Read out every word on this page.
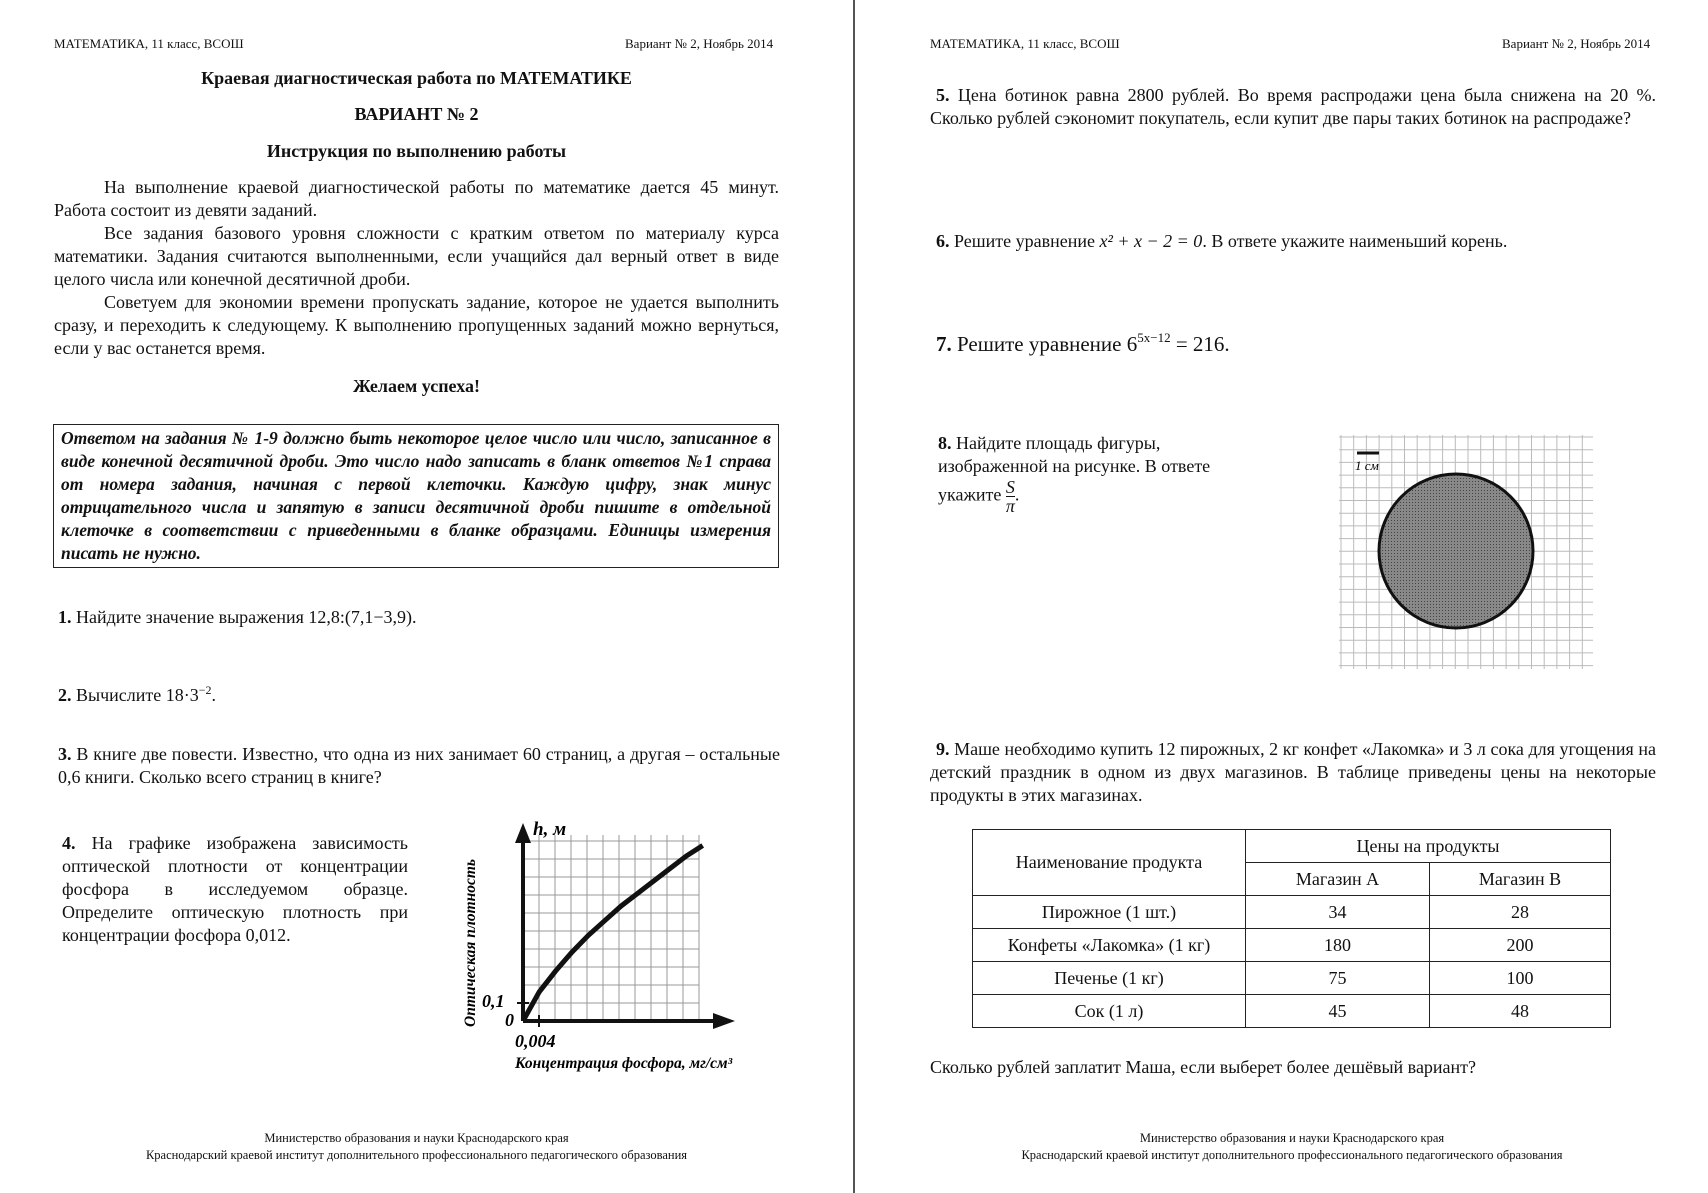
МАТЕМАТИКА, 11 класс, ВСОШ	Вариант № 2, Ноябрь 2014
Краевая диагностическая работа по МАТЕМАТИКЕ
ВАРИАНТ № 2
Инструкция по выполнению работы

На выполнение краевой диагностической работы по математике дается 45 минут. Работа состоит из девяти заданий.

Все задания базового уровня сложности с кратким ответом по материалу курса математики. Задания считаются выполненными, если учащийся дал верный ответ в виде целого числа или конечной десятичной дроби.

Советуем для экономии времени пропускать задание, которое не удается выполнить сразу, и переходить к следующему. К выполнению пропущенных заданий можно вернуться, если у вас останется время.

Желаем успеха!
Ответом на задания № 1-9 должно быть некоторое целое число или число, записанное в виде конечной десятичной дроби. Это число надо записать в бланк ответов №1 справа от номера задания, начиная с первой клеточки. Каждую цифру, знак минус отрицательного числа и запятую в записи десятичной дроби пишите в отдельной клеточке в соответствии с приведенными в бланке образцами. Единицы измерения писать не нужно.
1. Найдите значение выражения 12,8:(7,1−3,9).
2. Вычислите $18\cdot 3^{-2}$.
3. В книге две повести. Известно, что одна из них занимает 60 страниц, а другая – остальные 0,6 книги. Сколько всего страниц в книге?
4. На графике изображена зависимость оптической плотности от концентрации фосфора в исследуемом образце. Определите оптическую плотность при концентрации фосфора 0,012.
h, м
0,1
0
0,004
Концентрация фосфора, мг/см³
Оптическая плотность
Министерство образования и науки Краснодарского края
Краснодарский краевой институт дополнительного профессионального педагогического образования
МАТЕМАТИКА, 11 класс, ВСОШ	Вариант № 2, Ноябрь 2014
5. Цена ботинок равна 2800 рублей. Во время распродажи цена была снижена на 20 %. Сколько рублей сэкономит покупатель, если купит две пары таких ботинок на распродаже?
6. Решите уравнение x² + x − 2 = 0. В ответе укажите наименьший корень.
7. Решите уравнение $6^{5x-12} = 216$.
8. Найдите площадь фигуры, изображенной на рисунке. В ответе укажите $\frac{S}{\pi}$ .
1 см
9. Маше необходимо купить 12 пирожных, 2 кг конфет «Лакомка» и 3 л сока для угощения на детский праздник в одном из двух магазинов. В таблице приведены цены на некоторые продукты в этих магазинах.
Наименование продукта	Цены на продукты	
	Магазин А	Магазин В
Пирожное (1 шт.)	34	28
Конфеты «Лакомка» (1 кг)	180	200
Печенье (1 кг)	75	100
Сок (1 л)	45	48
Сколько рублей заплатит Маша, если выберет более дешёвый вариант?
Министерство образования и науки Краснодарского края
Краснодарский краевой институт дополнительного профессионального педагогического образования
